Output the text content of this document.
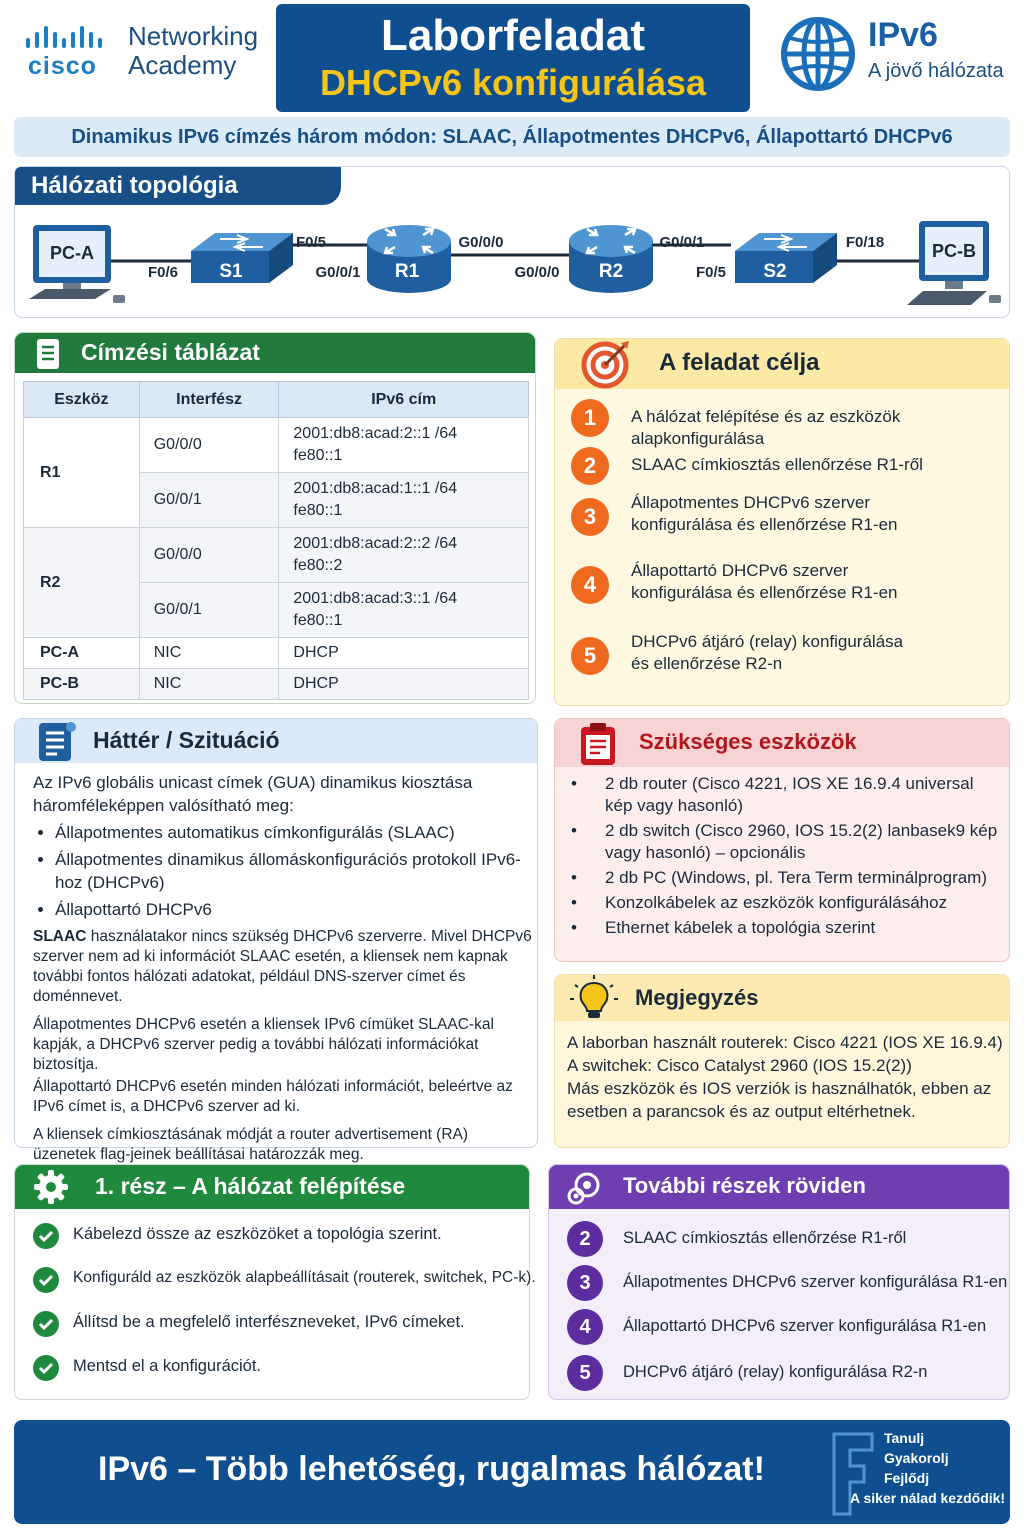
cisco
Networking
Academy
Laborfeladat
DHCPv6 konfigurálása
IPv6
A jövő hálózata
Dinamikus IPv6 címzés három módon: SLAAC, Állapotmentes DHCPv6, Állapottartó DHCPv6
PC-A
S1	R1	R2	S2
PC-B
F0/6
F0/5
G0/0/1
G0/0/0
G0/0/0
G0/0/1
F0/5
F0/18
Hálózati topológia
Címzési táblázat
Eszköz	Interfész	IPv6 cím
R1	G0/0/0	2001:db8:acad:2::1 /64
fe80::1

	G0/0/1	2001:db8:acad:1::1 /64
fe80::1

R2	G0/0/0	2001:db8:acad:2::2 /64
fe80::2

	G0/0/1	2001:db8:acad:3::1 /64
fe80::1

PC-A	NIC	DHCP
PC-B	NIC	DHCP
A feladat célja
1	A hálózat felépítése és az eszközök alapkonfigurálása
2	SLAAC címkiosztás ellenőrzése R1-ről
3
Állapotmentes DHCPv6 szerver
konfigurálása és ellenőrzése R1-en
4
Állapottartó DHCPv6 szerver
konfigurálása és ellenőrzése R1-en
5
DHCPv6 átjáró (relay) konfigurálása
és ellenőrzése R2-n
Háttér / Szituáció

Az IPv6 globális unicast címek (GUA) dinamikus kiosztása háromféleképpen valósítható meg:

• Állapotmentes automatikus címkonfigurálás (SLAAC)
• Állapotmentes dinamikus állomáskonfigurációs protokoll IPv6-hoz (DHCPv6)
• Állapottartó DHCPv6

SLAAC használatakor nincs szükség DHCPv6 szerverre. Mivel DHCPv6 szerver nem ad ki információt SLAAC esetén, a kliensek nem kapnak további fontos hálózati adatokat, például DNS-szerver címet és doménnevet.

Állapotmentes DHCPv6 esetén a kliensek IPv6 címüket SLAAC-kal kapják, a DHCPv6 szerver pedig a további hálózati információkat biztosítja.

Állapottartó DHCPv6 esetén minden hálózati információt, beleértve az IPv6 címet is, a DHCPv6 szerver ad ki.

A kliensek címkiosztásának módját a router advertisement (RA) üzenetek flag-jeinek beállításai határozzák meg.

Szükséges eszközök
• 2 db router (Cisco 4221, IOS XE 16.9.4 universal kép vagy hasonló)
• 2 db switch (Cisco 2960, IOS 15.2(2) lanbasek9 kép vagy hasonló) – opcionális
• 2 db PC (Windows, pl. Tera Term terminálprogram)
• Konzolkábelek az eszközök konfigurálásához
• Ethernet kábelek a topológia szerint
Megjegyzés
A laborban használt routerek: Cisco 4221 (IOS XE 16.9.4)
A switchek: Cisco Catalyst 2960 (IOS 15.2(2))
Más eszközök és IOS verziók is használhatók, ebben az esetben a parancsok és az output eltérhetnek.
1. rész – A hálózat felépítése
Kábelezd össze az eszközöket a topológia szerint.
Konfiguráld az eszközök alapbeállításait (routerek, switchek, PC-k).
Állítsd be a megfelelő interfészneveket, IPv6 címeket.
Mentsd el a konfigurációt.
További részek röviden
2	SLAAC címkiosztás ellenőrzése R1-ről
3	Állapotmentes DHCPv6 szerver konfigurálása R1-en
4	Állapottartó DHCPv6 szerver konfigurálása R1-en
5	DHCPv6 átjáró (relay) konfigurálása R2-n
IPv6 – Több lehetőség, rugalmas hálózat!
Tanulj
Gyakorolj
Fejlődj
A siker nálad kezdődik!
